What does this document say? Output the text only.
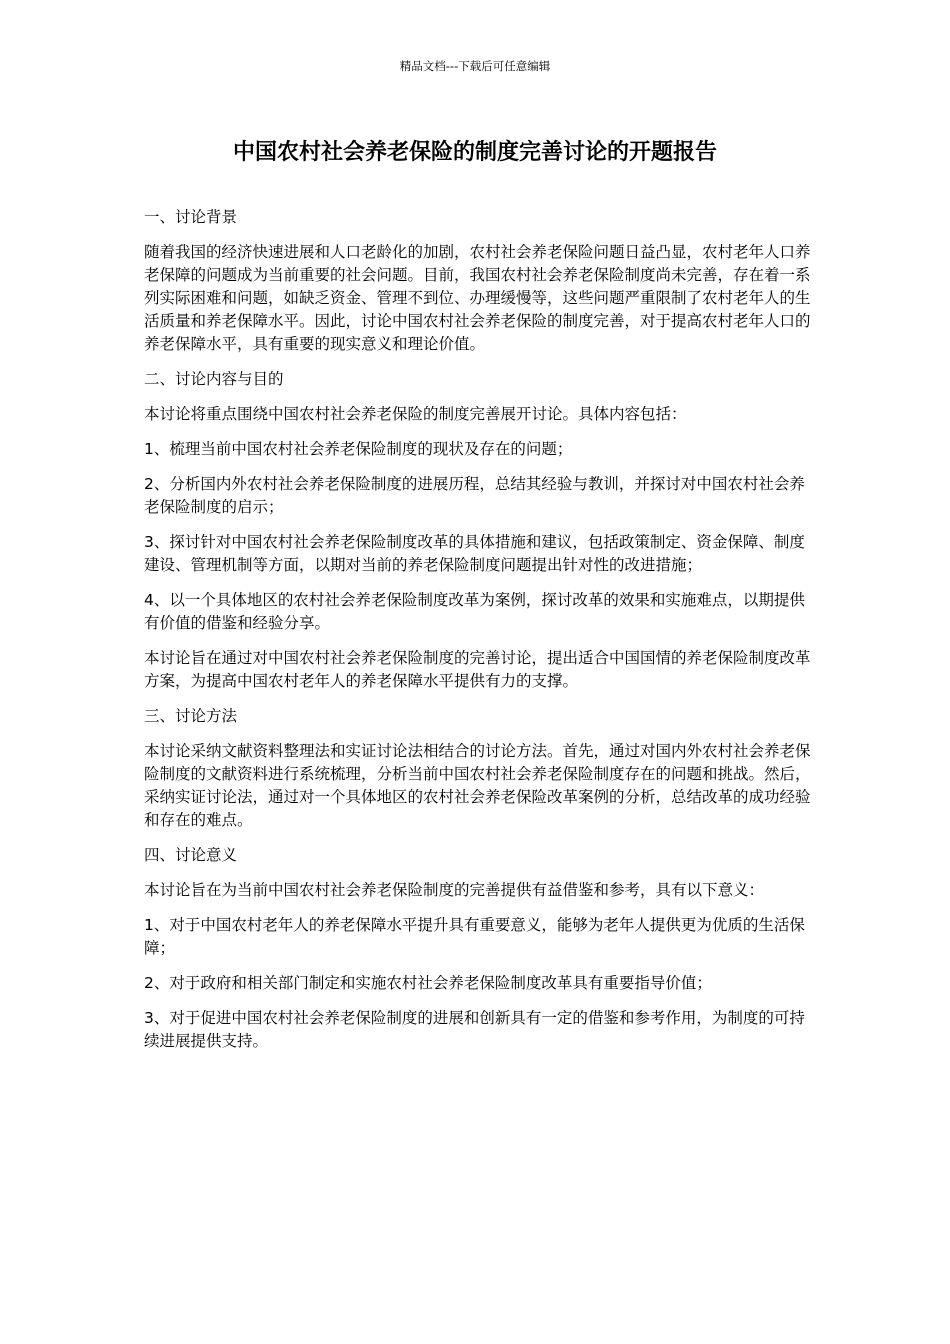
精品文档---下载后可任意编辑
中国农村社会养老保险的制度完善讨论的开题报告

一、讨论背景

随着我国的经济快速进展和人口老龄化的加剧，农村社会养老保险问题日益凸显，农村老年人口养老保障的问题成为当前重要的社会问题。目前，我国农村社会养老保险制度尚未完善，存在着一系列实际困难和问题，如缺乏资金、管理不到位、办理缓慢等，这些问题严重限制了农村老年人的生活质量和养老保障水平。因此，讨论中国农村社会养老保险的制度完善，对于提高农村老年人口的养老保障水平，具有重要的现实意义和理论价值。

二、讨论内容与目的

本讨论将重点围绕中国农村社会养老保险的制度完善展开讨论。具体内容包括：

1、梳理当前中国农村社会养老保险制度的现状及存在的问题；

2、分析国内外农村社会养老保险制度的进展历程，总结其经验与教训，并探讨对中国农村社会养老保险制度的启示；

3、探讨针对中国农村社会养老保险制度改革的具体措施和建议，包括政策制定、资金保障、制度建设、管理机制等方面，以期对当前的养老保险制度问题提出针对性的改进措施；

4、以一个具体地区的农村社会养老保险制度改革为案例，探讨改革的效果和实施难点，以期提供有价值的借鉴和经验分享。

本讨论旨在通过对中国农村社会养老保险制度的完善讨论，提出适合中国国情的养老保险制度改革方案，为提高中国农村老年人的养老保障水平提供有力的支撑。

三、讨论方法

本讨论采纳文献资料整理法和实证讨论法相结合的讨论方法。首先，通过对国内外农村社会养老保险制度的文献资料进行系统梳理，分析当前中国农村社会养老保险制度存在的问题和挑战。然后，采纳实证讨论法，通过对一个具体地区的农村社会养老保险改革案例的分析，总结改革的成功经验和存在的难点。

四、讨论意义

本讨论旨在为当前中国农村社会养老保险制度的完善提供有益借鉴和参考，具有以下意义：

1、对于中国农村老年人的养老保障水平提升具有重要意义，能够为老年人提供更为优质的生活保障；

2、对于政府和相关部门制定和实施农村社会养老保险制度改革具有重要指导价值；

3、对于促进中国农村社会养老保险制度的进展和创新具有一定的借鉴和参考作用，为制度的可持续进展提供支持。
